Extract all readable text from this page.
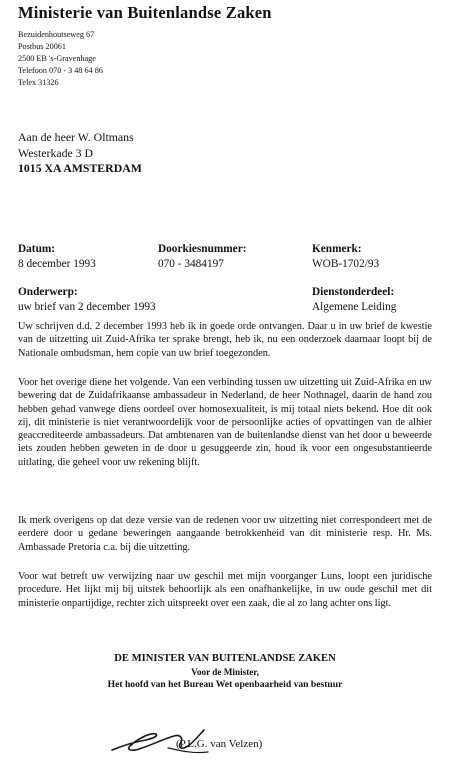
Ministerie van Buitenlandse Zaken
Bezuidenhoutseweg 67
Postbus 20061
2500 EB 's-Gravenhage
Telefoon 070 - 3 48 64 86
Telex 31326
Aan de heer W. Oltmans
Westerkade 3 D
1015 XA AMSTERDAM
Datum:
8 december 1993
Doorkiesnummer:
070 - 3484197
Kenmerk:
WOB-1702/93
Onderwerp:
uw brief van 2 december 1993
Dienstonderdeel:
Algemene Leiding

Uw schrijven d.d. 2 december 1993 heb ik in goede orde ontvangen. Daar u in uw brief de kwestie van de uitzetting uit Zuid-Afrika ter sprake brengt, heb ik, nu een onderzoek daarnaar loopt bij de Nationale ombudsman, hem copie van uw brief toegezonden.

Voor het overige diene het volgende. Van een verbinding tussen uw uitzetting uit Zuid-Afrika en uw bewering dat de Zuidafrikaanse ambassadeur in Nederland, de heer Nothnagel, daarin de hand zou hebben gehad vanwege diens oordeel over homosexualiteit, is mij totaal niets bekend. Hoe dit ook zij, dit ministerie is niet verantwoordelijk voor de persoonlijke acties of opvattingen van de alhier geaccrediteerde ambassadeurs. Dat ambtenaren van de buitenlandse dienst van het door u beweerde iets zouden hebben geweten in de door u gesuggeerde zin, houd ik voor een ongesubstantieerde uitlating, die geheel voor uw rekening blijft.

Ik merk overigens op dat deze versie van de redenen voor uw uitzetting niet correspondeert met de eerdere door u gedane beweringen aangaande betrokkenheid van dit ministerie resp. Hr. Ms. Ambassade Pretoria c.a. bij die uitzetting.

Voor wat betreft uw verwijzing naar uw geschil met mijn voorganger Luns, loopt een juridische procedure. Het lijkt mij bij uitstek behoorlijk als een onafhankelijke, in uw oude geschil met dit ministerie onpartijdige, rechter zich uitspreekt over een zaak, die al zo lang achter ons ligt.

DE MINISTER VAN BUITENLANDSE ZAKEN
Voor de Minister,
Het hoofd van het Bureau Wet openbaarheid van bestuur
(P.L.G. van Velzen)
